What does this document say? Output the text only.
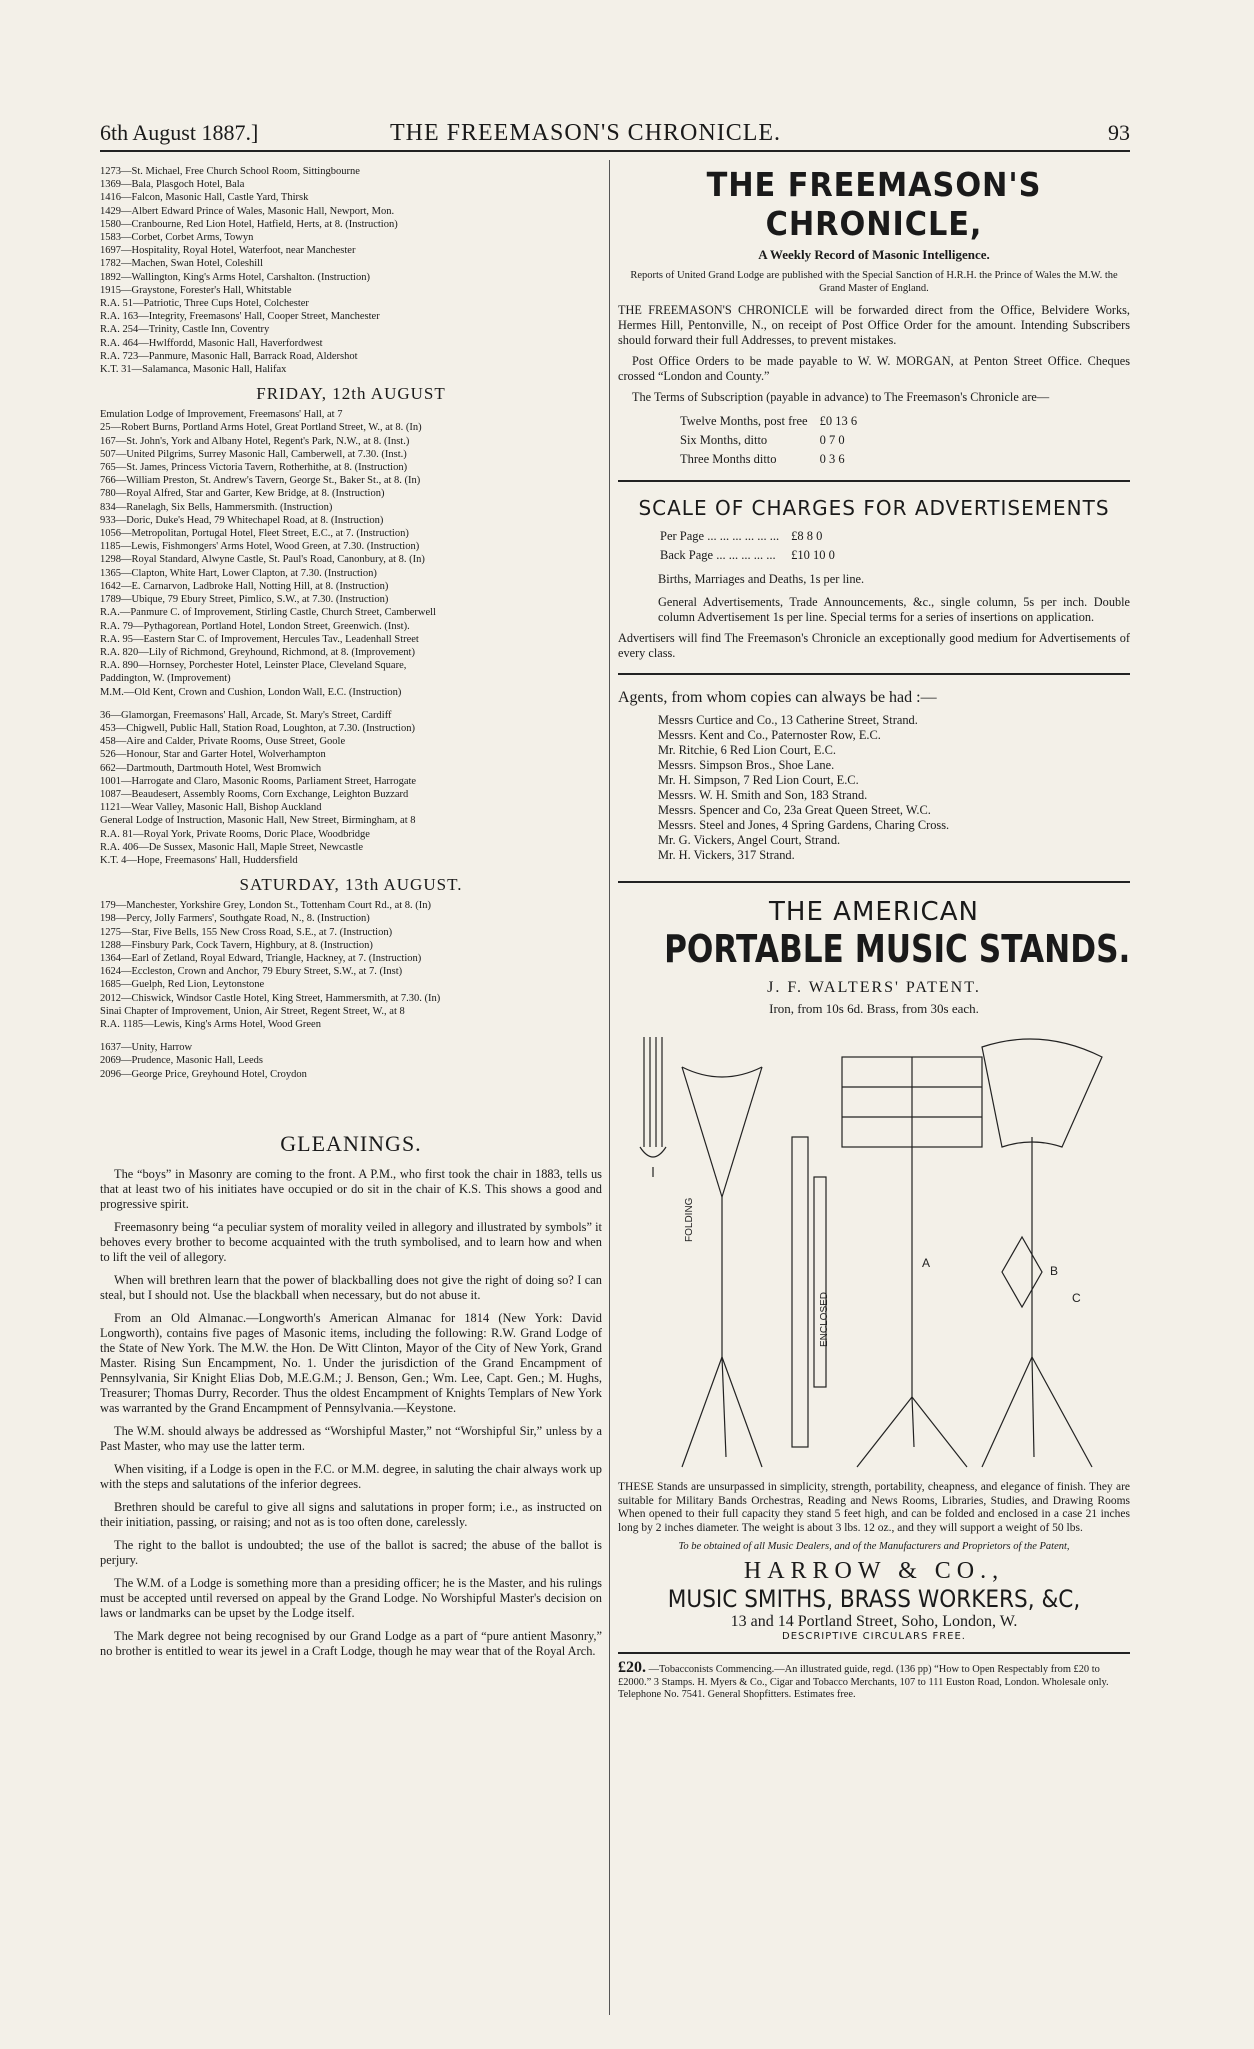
6th August 1887.]	THE FREEMASON'S CHRONICLE.	93
1273—St. Michael, Free Church School Room, Sittingbourne
1369—Bala, Plasgoch Hotel, Bala
1416—Falcon, Masonic Hall, Castle Yard, Thirsk
1429—Albert Edward Prince of Wales, Masonic Hall, Newport, Mon.
1580—Cranbourne, Red Lion Hotel, Hatfield, Herts, at 8. (Instruction)
1583—Corbet, Corbet Arms, Towyn
1697—Hospitality, Royal Hotel, Waterfoot, near Manchester
1782—Machen, Swan Hotel, Coleshill
1892—Wallington, King's Arms Hotel, Carshalton. (Instruction)
1915—Graystone, Forester's Hall, Whitstable
R.A. 51—Patriotic, Three Cups Hotel, Colchester
R.A. 163—Integrity, Freemasons' Hall, Cooper Street, Manchester
R.A. 254—Trinity, Castle Inn, Coventry
R.A. 464—Hwlffordd, Masonic Hall, Haverfordwest
R.A. 723—Panmure, Masonic Hall, Barrack Road, Aldershot
K.T. 31—Salamanca, Masonic Hall, Halifax
FRIDAY, 12th AUGUST
Emulation Lodge of Improvement, Freemasons' Hall, at 7
25—Robert Burns, Portland Arms Hotel, Great Portland Street, W., at 8. (In)
167—St. John's, York and Albany Hotel, Regent's Park, N.W., at 8. (Inst.)
507—United Pilgrims, Surrey Masonic Hall, Camberwell, at 7.30. (Inst.)
765—St. James, Princess Victoria Tavern, Rotherhithe, at 8. (Instruction)
766—William Preston, St. Andrew's Tavern, George St., Baker St., at 8. (In)
780—Royal Alfred, Star and Garter, Kew Bridge, at 8. (Instruction)
834—Ranelagh, Six Bells, Hammersmith. (Instruction)
933—Doric, Duke's Head, 79 Whitechapel Road, at 8. (Instruction)
1056—Metropolitan, Portugal Hotel, Fleet Street, E.C., at 7. (Instruction)
1185—Lewis, Fishmongers' Arms Hotel, Wood Green, at 7.30. (Instruction)
1298—Royal Standard, Alwyne Castle, St. Paul's Road, Canonbury, at 8. (In)
1365—Clapton, White Hart, Lower Clapton, at 7.30. (Instruction)
1642—E. Carnarvon, Ladbroke Hall, Notting Hill, at 8. (Instruction)
1789—Ubique, 79 Ebury Street, Pimlico, S.W., at 7.30. (Instruction)
R.A.—Panmure C. of Improvement, Stirling Castle, Church Street, Camberwell
R.A. 79—Pythagorean, Portland Hotel, London Street, Greenwich. (Inst).
R.A. 95—Eastern Star C. of Improvement, Hercules Tav., Leadenhall Street
R.A. 820—Lily of Richmond, Greyhound, Richmond, at 8. (Improvement)
R.A. 890—Hornsey, Porchester Hotel, Leinster Place, Cleveland Square,
Paddington, W. (Improvement)
M.M.—Old Kent, Crown and Cushion, London Wall, E.C. (Instruction)
36—Glamorgan, Freemasons' Hall, Arcade, St. Mary's Street, Cardiff
453—Chigwell, Public Hall, Station Road, Loughton, at 7.30. (Instruction)
458—Aire and Calder, Private Rooms, Ouse Street, Goole
526—Honour, Star and Garter Hotel, Wolverhampton
662—Dartmouth, Dartmouth Hotel, West Bromwich
1001—Harrogate and Claro, Masonic Rooms, Parliament Street, Harrogate
1087—Beaudesert, Assembly Rooms, Corn Exchange, Leighton Buzzard
1121—Wear Valley, Masonic Hall, Bishop Auckland
General Lodge of Instruction, Masonic Hall, New Street, Birmingham, at 8
R.A. 81—Royal York, Private Rooms, Doric Place, Woodbridge
R.A. 406—De Sussex, Masonic Hall, Maple Street, Newcastle
K.T. 4—Hope, Freemasons' Hall, Huddersfield
SATURDAY, 13th AUGUST.
179—Manchester, Yorkshire Grey, London St., Tottenham Court Rd., at 8. (In)
198—Percy, Jolly Farmers', Southgate Road, N., 8. (Instruction)
1275—Star, Five Bells, 155 New Cross Road, S.E., at 7. (Instruction)
1288—Finsbury Park, Cock Tavern, Highbury, at 8. (Instruction)
1364—Earl of Zetland, Royal Edward, Triangle, Hackney, at 7. (Instruction)
1624—Eccleston, Crown and Anchor, 79 Ebury Street, S.W., at 7. (Inst)
1685—Guelph, Red Lion, Leytonstone
2012—Chiswick, Windsor Castle Hotel, King Street, Hammersmith, at 7.30. (In)
Sinai Chapter of Improvement, Union, Air Street, Regent Street, W., at 8
R.A. 1185—Lewis, King's Arms Hotel, Wood Green
1637—Unity, Harrow
2069—Prudence, Masonic Hall, Leeds
2096—George Price, Greyhound Hotel, Croydon
GLEANINGS.

The “boys” in Masonry are coming to the front. A P.M., who first took the chair in 1883, tells us that at least two of his initiates have occupied or do sit in the chair of K.S. This shows a good and progressive spirit.

Freemasonry being “a peculiar system of morality veiled in allegory and illustrated by symbols” it behoves every brother to become acquainted with the truth symbolised, and to learn how and when to lift the veil of allegory.

When will brethren learn that the power of blackballing does not give the right of doing so? I can steal, but I should not. Use the blackball when necessary, but do not abuse it.

From an Old Almanac.—Longworth's American Almanac for 1814 (New York: David Longworth), contains five pages of Masonic items, including the following: R.W. Grand Lodge of the State of New York. The M.W. the Hon. De Witt Clinton, Mayor of the City of New York, Grand Master. Rising Sun Encampment, No. 1. Under the jurisdiction of the Grand Encampment of Pennsylvania, Sir Knight Elias Dob, M.E.G.M.; J. Benson, Gen.; Wm. Lee, Capt. Gen.; M. Hughs, Treasurer; Thomas Durry, Recorder. Thus the oldest Encampment of Knights Templars of New York was warranted by the Grand Encampment of Pennsylvania.—Keystone.

The W.M. should always be addressed as “Worshipful Master,” not “Worshipful Sir,” unless by a Past Master, who may use the latter term.

When visiting, if a Lodge is open in the F.C. or M.M. degree, in saluting the chair always work up with the steps and salutations of the inferior degrees.

Brethren should be careful to give all signs and salutations in proper form; i.e., as instructed on their initiation, passing, or raising; and not as is too often done, carelessly.

The right to the ballot is undoubted; the use of the ballot is sacred; the abuse of the ballot is perjury.

The W.M. of a Lodge is something more than a presiding officer; he is the Master, and his rulings must be accepted until reversed on appeal by the Grand Lodge. No Worshipful Master's decision on laws or landmarks can be upset by the Lodge itself.

The Mark degree not being recognised by our Grand Lodge as a part of “pure antient Masonry,” no brother is entitled to wear its jewel in a Craft Lodge, though he may wear that of the Royal Arch.

THE FREEMASON'S CHRONICLE,
A Weekly Record of Masonic Intelligence.
Reports of United Grand Lodge are published with the Special Sanction of H.R.H. the Prince of Wales the M.W. the Grand Master of England.

THE FREEMASON'S CHRONICLE will be forwarded direct from the Office, Belvidere Works, Hermes Hill, Pentonville, N., on receipt of Post Office Order for the amount. Intending Subscribers should forward their full Addresses, to prevent mistakes.

Post Office Orders to be made payable to W. W. MORGAN, at Penton Street Office. Cheques crossed “London and County.”

The Terms of Subscription (payable in advance) to The Freemason's Chronicle are—

Twelve Months, post free	£0 13 6
Six Months, ditto	0 7 0
Three Months ditto	0 3 6
SCALE OF CHARGES FOR ADVERTISEMENTS
Per Page ... ... ... ... ... ...	£8 8 0
Back Page ... ... ... ... ...	£10 10 0
Births, Marriages and Deaths, 1s per line.

General Advertisements, Trade Announcements, &c., single column, 5s per inch. Double column Advertisement 1s per line. Special terms for a series of insertions on application.

Advertisers will find The Freemason's Chronicle an exceptionally good medium for Advertisements of every class.

Agents, from whom copies can always be had :—
Messrs Curtice and Co., 13 Catherine Street, Strand.
Messrs. Kent and Co., Paternoster Row, E.C.
Mr. Ritchie, 6 Red Lion Court, E.C.
Messrs. Simpson Bros., Shoe Lane.
Mr. H. Simpson, 7 Red Lion Court, E.C.
Messrs. W. H. Smith and Son, 183 Strand.
Messrs. Spencer and Co, 23a Great Queen Street, W.C.
Messrs. Steel and Jones, 4 Spring Gardens, Charing Cross.
Mr. G. Vickers, Angel Court, Strand.
Mr. H. Vickers, 317 Strand.
THE AMERICAN
PORTABLE MUSIC STANDS.
J. F. WALTERS' PATENT.
Iron, from 10s 6d. Brass, from 30s each.
FOLDING
ENCLOSED
A
B
C

THESE Stands are unsurpassed in simplicity, strength, portability, cheapness, and elegance of finish. They are suitable for Military Bands Orchestras, Reading and News Rooms, Libraries, Studies, and Drawing Rooms When opened to their full capacity they stand 5 feet high, and can be folded and enclosed in a case 21 inches long by 2 inches diameter. The weight is about 3 lbs. 12 oz., and they will support a weight of 50 lbs.

To be obtained of all Music Dealers, and of the Manufacturers and Proprietors of the Patent,
HARROW & CO.,
MUSIC SMITHS, BRASS WORKERS, &C,
13 and 14 Portland Street, Soho, London, W.
DESCRIPTIVE CIRCULARS FREE.
£20. —Tobacconists Commencing.—An illustrated guide, regd. (136 pp) “How to Open Respectably from £20 to £2000.” 3 Stamps. H. Myers & Co., Cigar and Tobacco Merchants, 107 to 111 Euston Road, London. Wholesale only. Telephone No. 7541. General Shopfitters. Estimates free.
